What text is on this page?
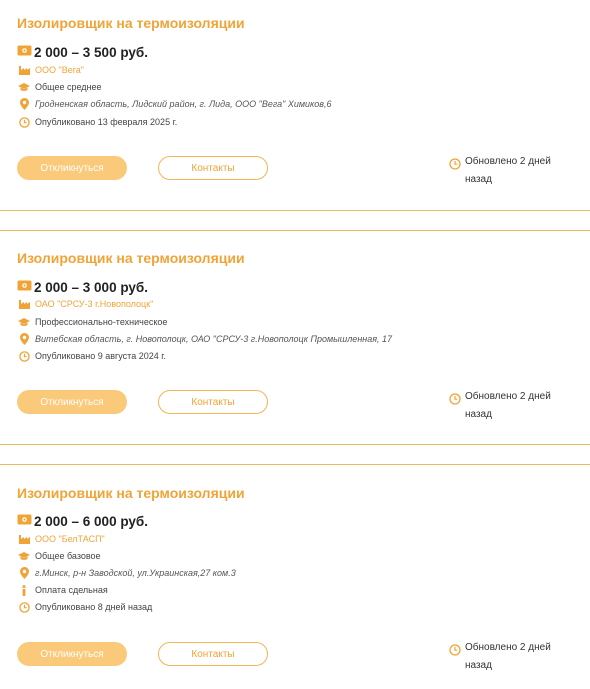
Изолировщик на термоизоляции
2 000 – 3 500 руб.
ООО "Вега"
Общее среднее
Гродненская область, Лидский район, г. Лида, ООО "Вега" Химиков,6
Опубликовано 13 февраля 2025 г.
Откликнуться	Контакты
Обновлено 2 дней
назад
Изолировщик на термоизоляции
2 000 – 3 000 руб.
ОАО "СРСУ-3 г.Новополоцк"
Профессионально-техническое
Витебская область, г. Новополоцк, ОАО "СРСУ-3 г.Новополоцк Промышленная, 17
Опубликовано 9 августа 2024 г.
Откликнуться	Контакты	Обновлено 2 дней
назад
Изолировщик на термоизоляции
2 000 – 6 000 руб.
ООО "БелТАСП"
Общее базовое
г.Минск, р-н Заводской, ул.Украинская,27 ком.3
Оплата сдельная
Опубликовано 8 дней назад
Откликнуться	Контакты
Обновлено 2 дней
назад
